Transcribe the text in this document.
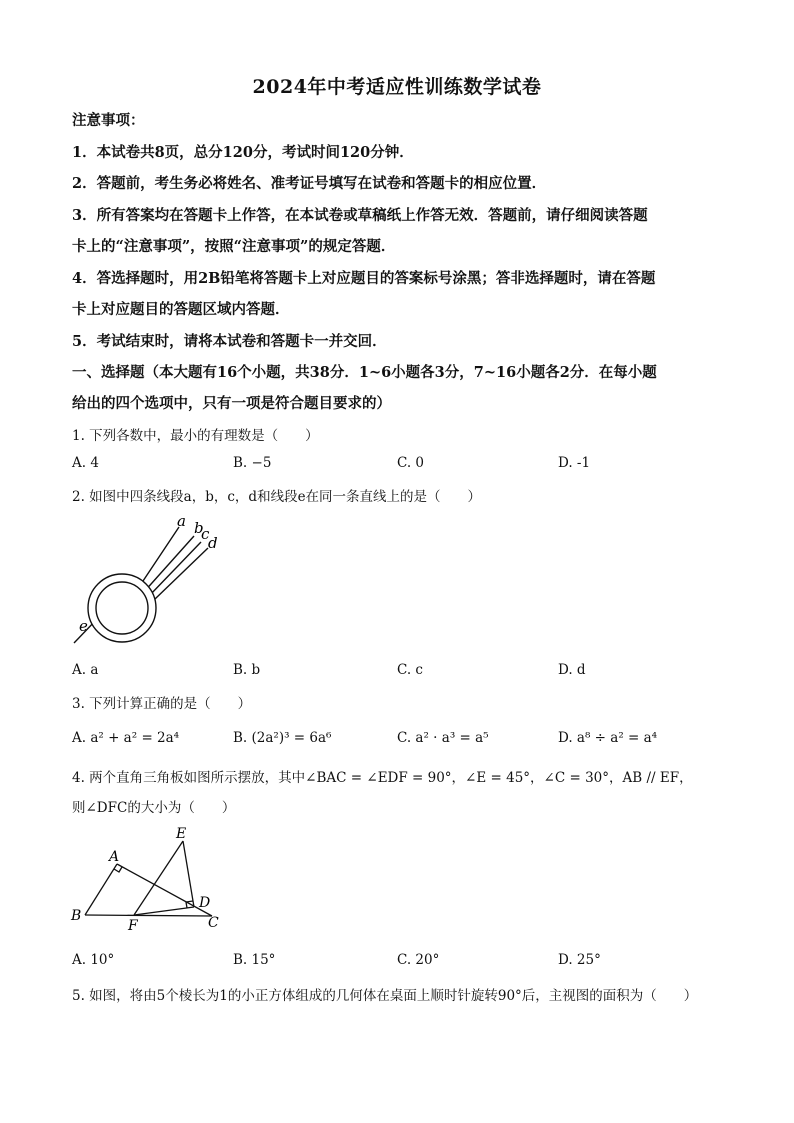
2024年中考适应性训练数学试卷
注意事项：
1．本试卷共8页，总分120分，考试时间120分钟．
2．答题前，考生务必将姓名、准考证号填写在试卷和答题卡的相应位置．
3．所有答案均在答题卡上作答，在本试卷或草稿纸上作答无效．答题前，请仔细阅读答题
卡上的“注意事项”，按照“注意事项”的规定答题．
4．答选择题时，用2B铅笔将答题卡上对应题目的答案标号涂黑；答非选择题时，请在答题
卡上对应题目的答题区域内答题．
5．考试结束时，请将本试卷和答题卡一并交回．
一、选择题（本大题有16个小题，共38分．1~6小题各3分，7~16小题各2分．在每小题
给出的四个选项中，只有一项是符合题目要求的）
1. 下列各数中，最小的有理数是（　　）
A. 4	B. −5	C. 0	D. -1
2. 如图中四条线段a，b，c，d和线段e在同一条直线上的是（　　）
a b
c
d
e
A. a	B. b	C. c	D. d
3. 下列计算正确的是（　　）
A. a² + a² = 2a⁴	B. (2a²)³ = 6a⁶	C. a² · a³ = a⁵	D. a⁸ ÷ a² = a⁴
4. 两个直角三角板如图所示摆放，其中∠BAC = ∠EDF = 90°，∠E = 45°，∠C = 30°，AB // EF，
则∠DFC的大小为（　　）
E
A
D
B
F	C
A. 10°	B. 15°	C. 20°	D. 25°
5. 如图，将由5个棱长为1的小正方体组成的几何体在桌面上顺时针旋转90°后，主视图的面积为（　　）
